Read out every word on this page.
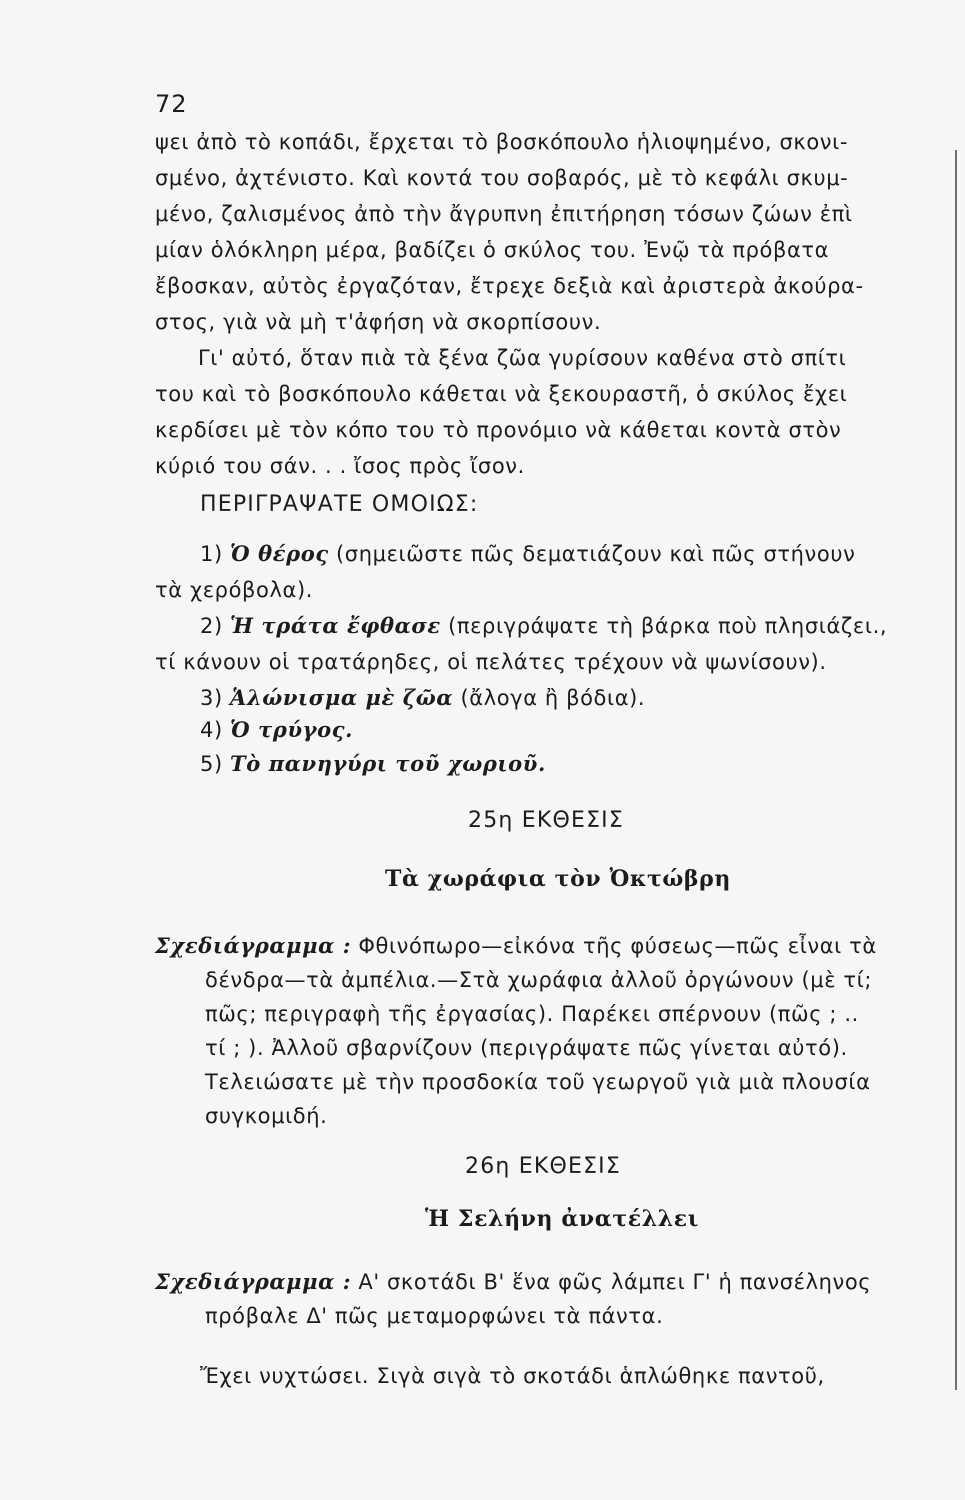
72
ψει ἀπὸ τὸ κοπάδι, ἔρχεται τὸ βοσκόπουλο ἡλιοψημένο, σκονι-
σμένο, ἀχτένιστο. Καὶ κοντά του σοβαρός, μὲ τὸ κεφάλι σκυμ-
μένο, ζαλισμένος ἀπὸ τὴν ἄγρυπνη ἐπιτήρηση τόσων ζώων ἐπὶ
μίαν ὁλόκληρη μέρα, βαδίζει ὁ σκύλος του. Ἐνῷ τὰ πρόβατα
ἔβοσκαν, αὐτὸς ἐργαζόταν, ἔτρεχε δεξιὰ καὶ ἀριστερὰ ἀκούρα-
στος, γιὰ νὰ μὴ τ'ἀφήση νὰ σκορπίσουν.
Γι' αὐτό, ὅταν πιὰ τὰ ξένα ζῶα γυρίσουν καθένα στὸ σπίτι
του καὶ τὸ βοσκόπουλο κάθεται νὰ ξεκουραστῆ, ὁ σκύλος ἔχει
κερδίσει μὲ τὸν κόπο του τὸ προνόμιο νὰ κάθεται κοντὰ στὸν
κύριό του σάν. . . ἴσος πρὸς ἴσον.
ΠΕΡΙΓΡΑΨΑΤΕ ΟΜΟΙΩΣ:
1) Ὁ θέρος (σημειῶστε πῶς δεματιάζουν καὶ πῶς στήνουν
τὰ χερόβολα).
2) Ἡ τράτα ἔφθασε (περιγράψατε τὴ βάρκα ποὺ πλησιάζει.,
τί κάνουν οἱ τρατάρηδες, οἱ πελάτες τρέχουν νὰ ψωνίσουν).
3) Ἁλώνισμα μὲ ζῶα (ἄλογα ἢ βόδια).
4) Ὁ τρύγος.
5) Τὸ πανηγύρι τοῦ χωριοῦ.
25η ΕΚΘΕΣΙΣ
Τὰ χωράφια τὸν Ὀκτώβρη
Σχεδιάγραμμα : Φθινόπωρο—εἰκόνα τῆς φύσεως—πῶς εἶναι τὰ
δένδρα—τὰ ἀμπέλια.—Στὰ χωράφια ἀλλοῦ ὀργώνουν (μὲ τί;
πῶς; περιγραφὴ τῆς ἐργασίας). Παρέκει σπέρνουν (πῶς ; ..
τί ; ). Ἀλλοῦ σβαρνίζουν (περιγράψατε πῶς γίνεται αὐτό).
Τελειώσατε μὲ τὴν προσδοκία τοῦ γεωργοῦ γιὰ μιὰ πλουσία
συγκομιδή.
26η ΕΚΘΕΣΙΣ
Ἡ Σελήνη ἀνατέλλει
Σχεδιάγραμμα : Α' σκοτάδι Β' ἕνα φῶς λάμπει Γ' ἡ πανσέληνος
πρόβαλε Δ' πῶς μεταμορφώνει τὰ πάντα.
Ἔχει νυχτώσει. Σιγὰ σιγὰ τὸ σκοτάδι ἁπλώθηκε παντοῦ,
